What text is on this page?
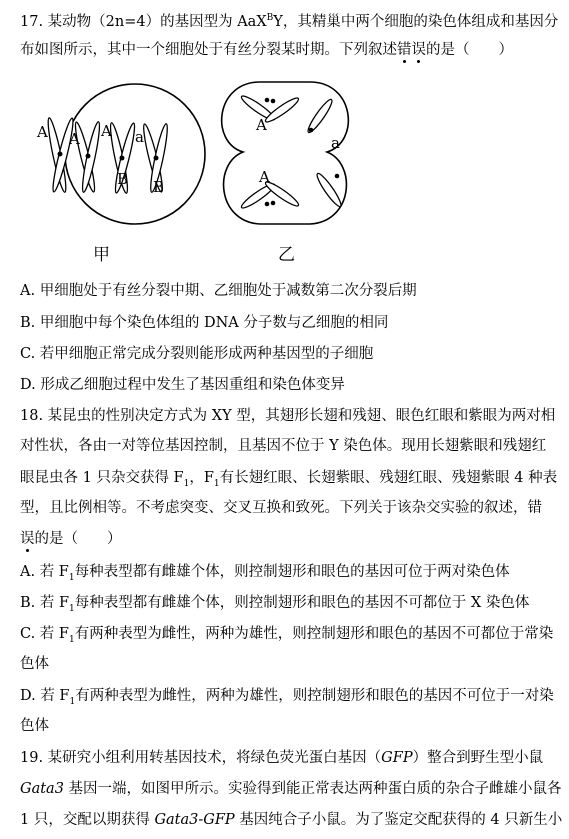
17. 某动物（2n=4）的基因型为 AaX$^B$Y，其精巢中两个细胞的染色体组成和基因分
布如图所示，其中一个细胞处于有丝分裂某时期。下列叙述错误的是（　　）
A A A a
B B
A
a
A
甲	乙
A. 甲细胞处于有丝分裂中期、乙细胞处于减数第二次分裂后期
B. 甲细胞中每个染色体组的 DNA 分子数与乙细胞的相同
C. 若甲细胞正常完成分裂则能形成两种基因型的子细胞
D. 形成乙细胞过程中发生了基因重组和染色体变异
18. 某昆虫的性别决定方式为 XY 型，其翅形长翅和残翅、眼色红眼和紫眼为两对相
对性状，各由一对等位基因控制，且基因不位于 Y 染色体。现用长翅紫眼和残翅红
眼昆虫各 1 只杂交获得 $F_1$，$F_1$有长翅红眼、长翅紫眼、残翅红眼、残翅紫眼 4 种表
型，且比例相等。不考虑突变、交叉互换和致死。下列关于该杂交实验的叙述，错
误的是（　　）
A. 若 $F_1$每种表型都有雌雄个体，则控制翅形和眼色的基因可位于两对染色体
B. 若 $F_1$每种表型都有雌雄个体，则控制翅形和眼色的基因不可都位于 X 染色体
C. 若 $F_1$有两种表型为雌性，两种为雄性，则控制翅形和眼色的基因不可都位于常染
色体
D. 若 $F_1$有两种表型为雌性，两种为雄性，则控制翅形和眼色的基因不可位于一对染
色体
19. 某研究小组利用转基因技术，将绿色荧光蛋白基因（GFP）整合到野生型小鼠
Gata3 基因一端，如图甲所示。实验得到能正常表达两种蛋白质的杂合子雌雄小鼠各
1 只，交配以期获得 Gata3-GFP 基因纯合子小鼠。为了鉴定交配获得的 4 只新生小
